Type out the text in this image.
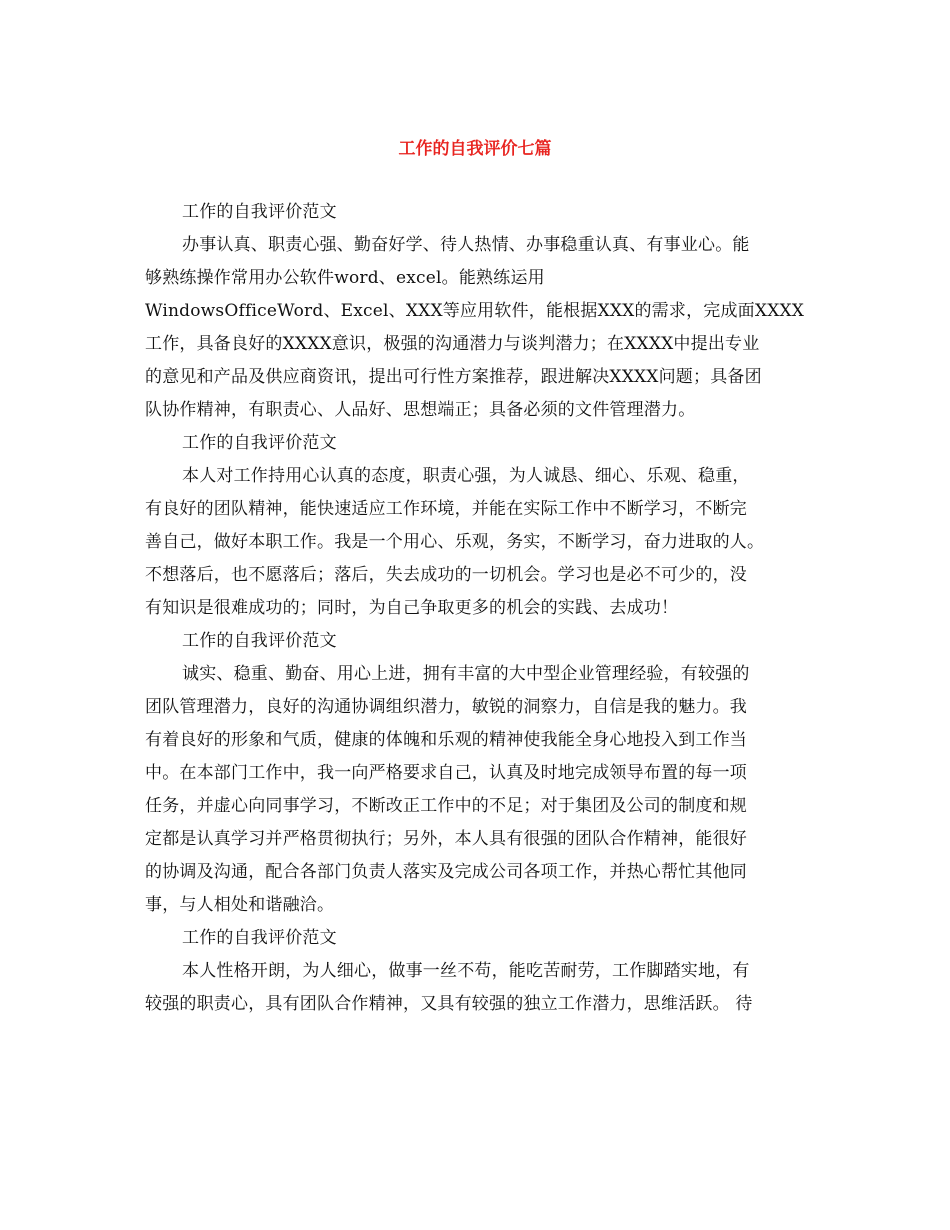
工作的自我评价七篇
工作的自我评价范文
办事认真、职责心强、勤奋好学、待人热情、办事稳重认真、有事业心。能
够熟练操作常用办公软件word、excel。能熟练运用
WindowsOfficeWord、Excel、XXX等应用软件，能根据XXX的需求，完成面XXXX
工作，具备良好的XXXX意识，极强的沟通潜力与谈判潜力；在XXXX中提出专业
的意见和产品及供应商资讯，提出可行性方案推荐，跟进解决XXXX问题；具备团
队协作精神，有职责心、人品好、思想端正；具备必须的文件管理潜力。
工作的自我评价范文
本人对工作持用心认真的态度，职责心强，为人诚恳、细心、乐观、稳重，
有良好的团队精神，能快速适应工作环境，并能在实际工作中不断学习，不断完
善自己，做好本职工作。我是一个用心、乐观，务实，不断学习，奋力进取的人。
不想落后，也不愿落后；落后，失去成功的一切机会。学习也是必不可少的，没
有知识是很难成功的；同时，为自己争取更多的机会的实践、去成功！
工作的自我评价范文
诚实、稳重、勤奋、用心上进，拥有丰富的大中型企业管理经验，有较强的
团队管理潜力，良好的沟通协调组织潜力，敏锐的洞察力，自信是我的魅力。我
有着良好的形象和气质，健康的体魄和乐观的精神使我能全身心地投入到工作当
中。在本部门工作中，我一向严格要求自己，认真及时地完成领导布置的每一项
任务，并虚心向同事学习，不断改正工作中的不足；对于集团及公司的制度和规
定都是认真学习并严格贯彻执行；另外，本人具有很强的团队合作精神，能很好
的协调及沟通，配合各部门负责人落实及完成公司各项工作，并热心帮忙其他同
事，与人相处和谐融洽。
工作的自我评价范文
本人性格开朗，为人细心，做事一丝不苟，能吃苦耐劳，工作脚踏实地，有
较强的职责心，具有团队合作精神，又具有较强的独立工作潜力，思维活跃。 待
